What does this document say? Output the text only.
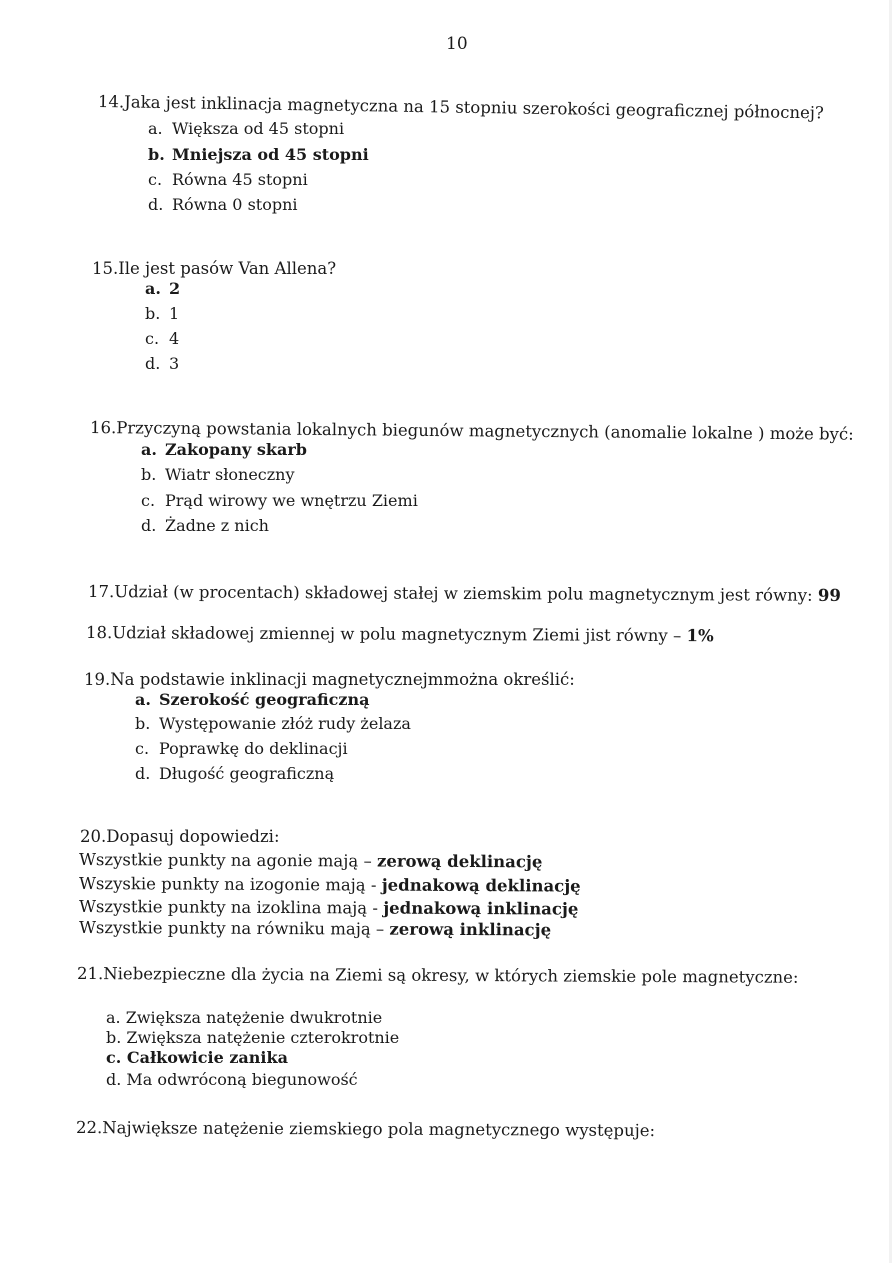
10
14.Jaka jest inklinacja magnetyczna na 15 stopniu szerokości geograficznej północnej?
a. Większa od 45 stopni
b. Mniejsza od 45 stopni
c. Równa 45 stopni
d. Równa 0 stopni
15.Ile jest pasów Van Allena?
a. 2
b. 1
c. 4
d. 3
16.Przyczyną powstania lokalnych biegunów magnetycznych (anomalie lokalne ) może być:
a. Zakopany skarb
b. Wiatr słoneczny
c. Prąd wirowy we wnętrzu Ziemi
d. Żadne z nich
17.Udział (w procentach) składowej stałej w ziemskim polu magnetycznym jest równy: 99
18.Udział składowej zmiennej w polu magnetycznym Ziemi jist równy – 1%
19.Na podstawie inklinacji magnetycznejmmożna określić:
a. Szerokość geograficzną
b. Występowanie złóż rudy żelaza
c. Poprawkę do deklinacji
d. Długość geograficzną
20.Dopasuj dopowiedzi:
Wszystkie punkty na agonie mają – zerową deklinację
Wszyskie punkty na izogonie mają - jednakową deklinację
Wszystkie punkty na izoklina mają - jednakową inklinację
Wszystkie punkty na równiku mają – zerową inklinację
21.Niebezpieczne dla życia na Ziemi są okresy, w których ziemskie pole magnetyczne:
a. Zwiększa natężenie dwukrotnie
b. Zwiększa natężenie czterokrotnie
c. Całkowicie zanika
d. Ma odwróconą biegunowość
22.Największe natężenie ziemskiego pola magnetycznego występuje:
